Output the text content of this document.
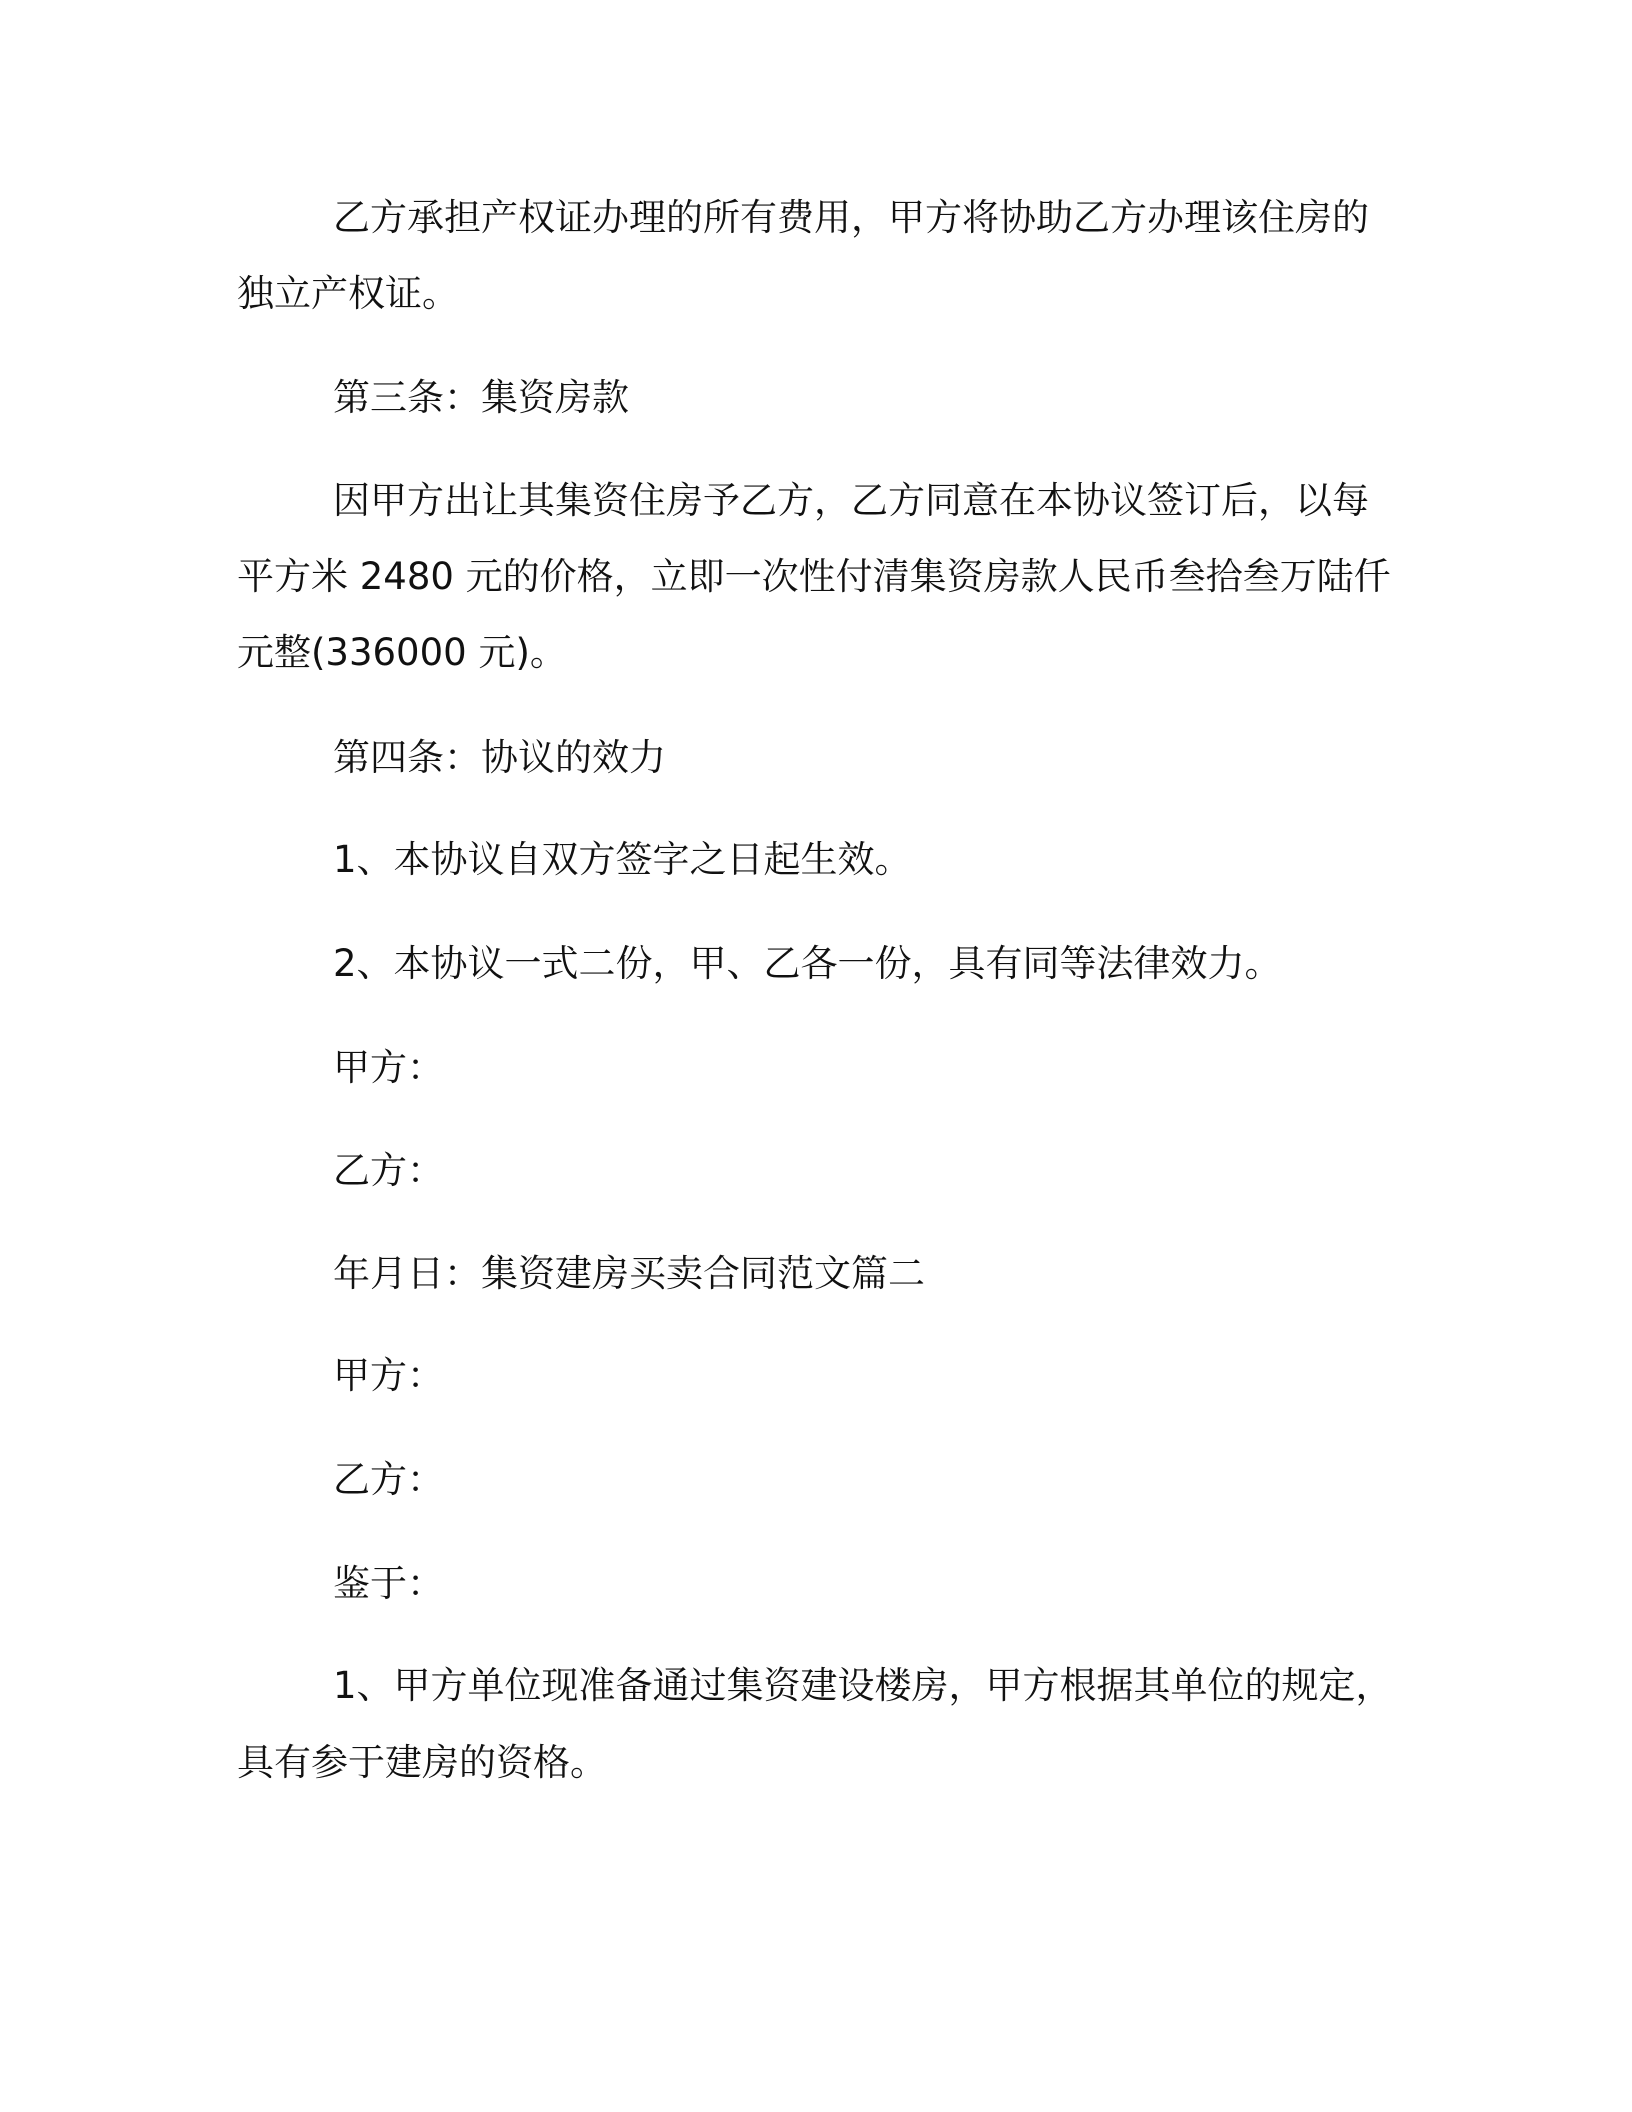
乙方承担产权证办理的所有费用，甲方将协助乙方办理该住房的

独立产权证。

第三条：集资房款

因甲方出让其集资住房予乙方，乙方同意在本协议签订后，以每

平方米 2480 元的价格，立即一次性付清集资房款人民币叁拾叁万陆仟

元整(336000 元)。

第四条：协议的效力

1、本协议自双方签字之日起生效。

2、本协议一式二份，甲、乙各一份，具有同等法律效力。

甲方：

乙方：

年月日：集资建房买卖合同范文篇二

甲方：

乙方：

鉴于：

1、甲方单位现准备通过集资建设楼房，甲方根据其单位的规定，

具有参于建房的资格。
